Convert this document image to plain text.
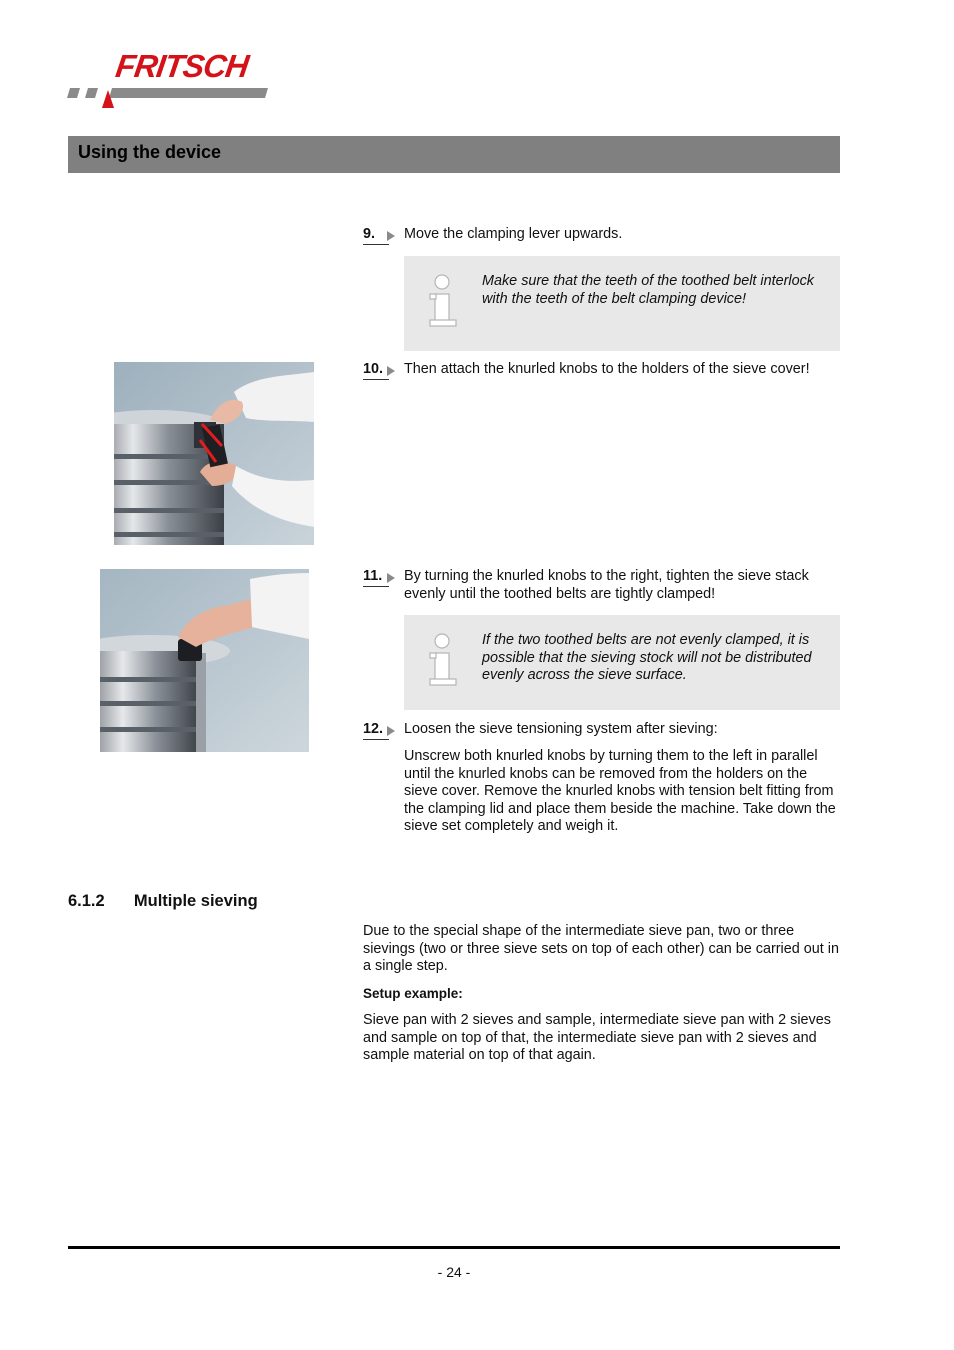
FRITSCH
Using the device
9. Move the clamping lever upwards.
Make sure that the teeth of the toothed belt interlock with the teeth of the belt clamping device!
10. Then attach the knurled knobs to the holders of the sieve cover!
11. By turning the knurled knobs to the right, tighten the sieve stack evenly until the toothed belts are tightly clamped!
If the two toothed belts are not evenly clamped, it is possible that the sieving stock will not be distributed evenly across the sieve surface.
12. Loosen the sieve tensioning system after sieving:
Unscrew both knurled knobs by turning them to the left in parallel until the knurled knobs can be removed from the holders on the sieve cover. Remove the knurled knobs with tension belt fitting from the clamping lid and place them beside the machine. Take down the sieve set completely and weigh it.
6.1.2 Multiple sieving
Due to the special shape of the intermediate sieve pan, two or three sievings (two or three sieve sets on top of each other) can be carried out in a single step.
Setup example:
Sieve pan with 2 sieves and sample, intermediate sieve pan with 2 sieves and sample on top of that, the intermediate sieve pan with 2 sieves and sample material on top of that again.
- 24 -
